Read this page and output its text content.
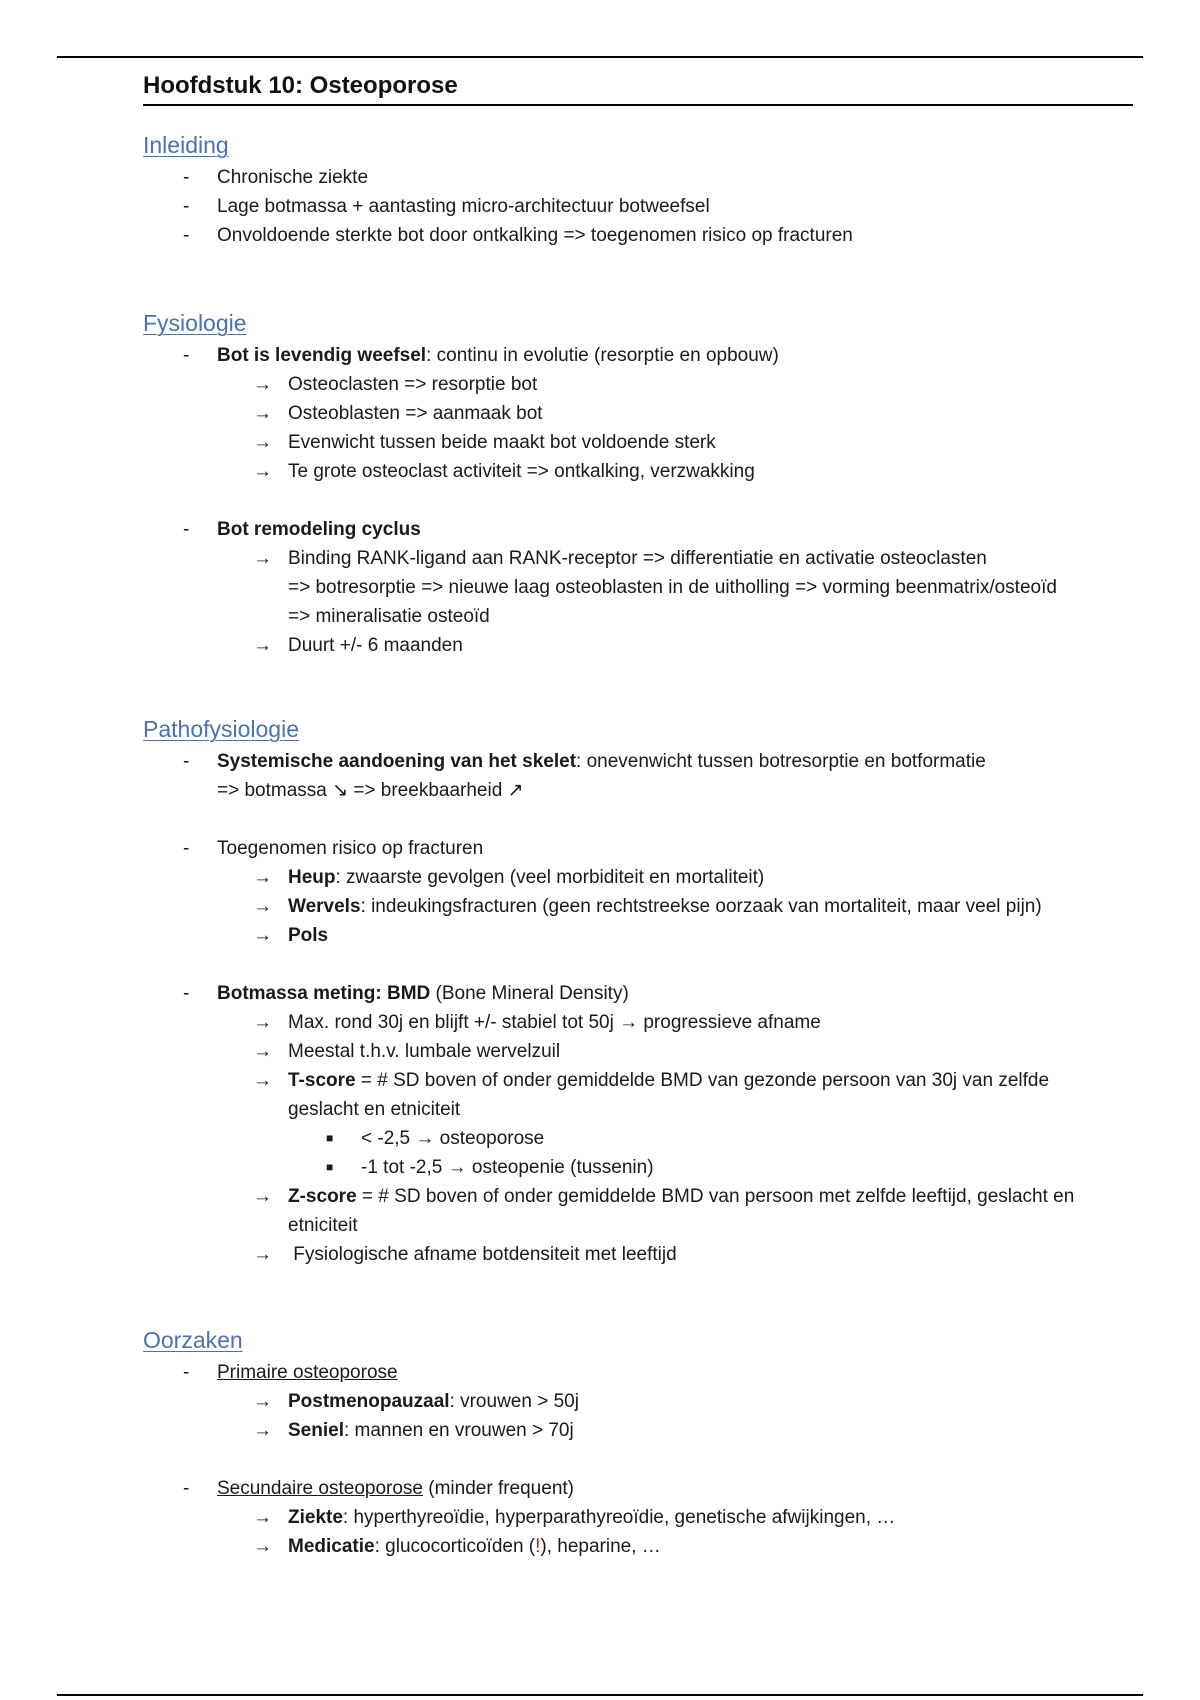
Hoofdstuk 10: Osteoporose
Inleiding
- Chronische ziekte
- Lage botmassa + aantasting micro-architectuur botweefsel
- Onvoldoende sterkte bot door ontkalking => toegenomen risico op fracturen
Fysiologie
- Bot is levendig weefsel: continu in evolutie (resorptie en opbouw)
→ Osteoclasten => resorptie bot
→ Osteoblasten => aanmaak bot
→ Evenwicht tussen beide maakt bot voldoende sterk
→ Te grote osteoclast activiteit => ontkalking, verzwakking
- Bot remodeling cyclus
→ Binding RANK-ligand aan RANK-receptor => differentiatie en activatie osteoclasten
=> botresorptie => nieuwe laag osteoblasten in de uitholling => vorming beenmatrix/osteoïd
=> mineralisatie osteoïd
→ Duurt +/- 6 maanden
Pathofysiologie
- Systemische aandoening van het skelet: onevenwicht tussen botresorptie en botformatie
=> botmassa ↘ => breekbaarheid ↗
- Toegenomen risico op fracturen
→ Heup: zwaarste gevolgen (veel morbiditeit en mortaliteit)
→ Wervels: indeukingsfracturen (geen rechtstreekse oorzaak van mortaliteit, maar veel pijn)
→ Pols
- Botmassa meting: BMD (Bone Mineral Density)
→ Max. rond 30j en blijft +/- stabiel tot 50j → progressieve afname
→ Meestal t.h.v. lumbale wervelzuil
→ T-score = # SD boven of onder gemiddelde BMD van gezonde persoon van 30j van zelfde
geslacht en etniciteit
■ < -2,5 → osteoporose
■ -1 tot -2,5 → osteopenie (tussenin)
→ Z-score = # SD boven of onder gemiddelde BMD van persoon met zelfde leeftijd, geslacht en
etniciteit
→ Fysiologische afname botdensiteit met leeftijd
Oorzaken
- Primaire osteoporose
→ Postmenopauzaal: vrouwen > 50j
→ Seniel: mannen en vrouwen > 70j
- Secundaire osteoporose (minder frequent)
→ Ziekte: hyperthyreoïdie, hyperparathyreoïdie, genetische afwijkingen, …
→ Medicatie: glucocorticoïden (!), heparine, …
